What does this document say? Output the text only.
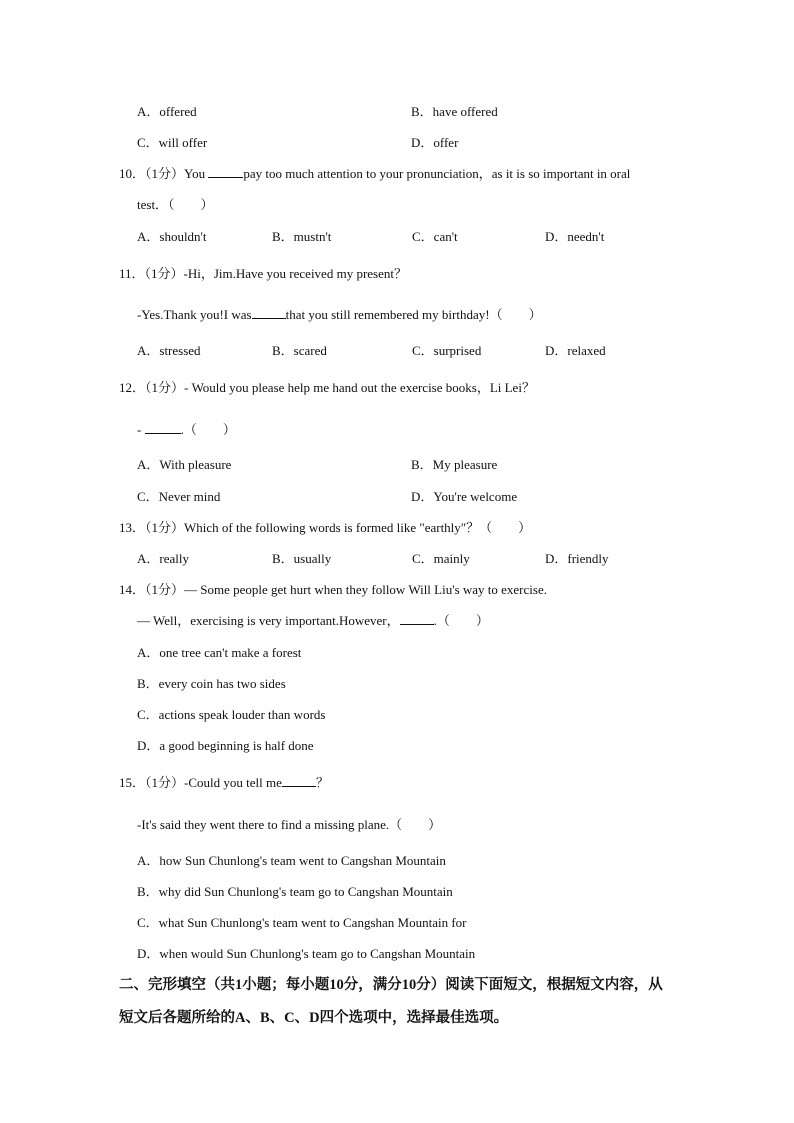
A．offered	B．have offered
C．will offer	D．offer
10．（1分）You	pay too much attention to your pronunciation，as it is so important in oral
test．（　　）
A．shouldn't	B．mustn't	C．can't	D．needn't
11．（1分）-Hi，Jim.Have you received my present？
-Yes.Thank you!I was	that you still remembered my birthday!（　　）
A．stressed	B．scared	C．surprised	D．relaxed
12．（1分）- Would you please help me hand out the exercise books，Li Lei？
-	.（　　）
A．With pleasure	B．My pleasure
C．Never mind	D．You're welcome
13．（1分）Which of the following words is formed like "earthly"？（　　）
A．really	B．usually	C．mainly	D．friendly
14．（1分）— Some people get hurt when they follow Will Liu's way to exercise.
— Well，exercising is very important.However，	.（　　）
A．one tree can't make a forest
B．every coin has two sides
C．actions speak louder than words
D．a good beginning is half done
15．（1分）-Could you tell me	？
-It's said they went there to find a missing plane.（　　）
A．how Sun Chunlong's team went to Cangshan Mountain
B．why did Sun Chunlong's team go to Cangshan Mountain
C．what Sun Chunlong's team went to Cangshan Mountain for
D．when would Sun Chunlong's team go to Cangshan Mountain
二、完形填空（共1小题；每小题10分，满分10分）阅读下面短文，根据短文内容，从
短文后各题所给的A、B、C、D四个选项中，选择最佳选项。
